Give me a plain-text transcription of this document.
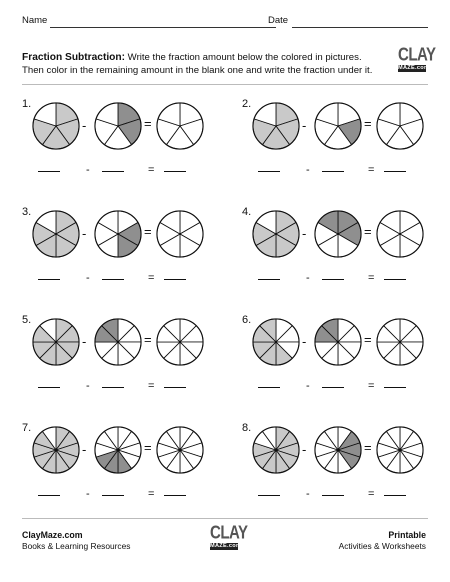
Name	Date
Fraction Subtraction: Write the fraction amount below the colored in pictures. Then color in the remaining amount in the blank one and write the fraction under it.
CLAY
MAZE.com
1.
-	=
-	=
2.
-	=
-	=
3.
-	=
-	=
4.
-	=
-	=
5.
-	=
-	=
6.
-	=
-	=
7.
-	=
-	=
8.
-	=
-	=
ClayMaze.com
Books & Learning Resources
CLAY
MAZE.com
Printable
Activities & Worksheets
